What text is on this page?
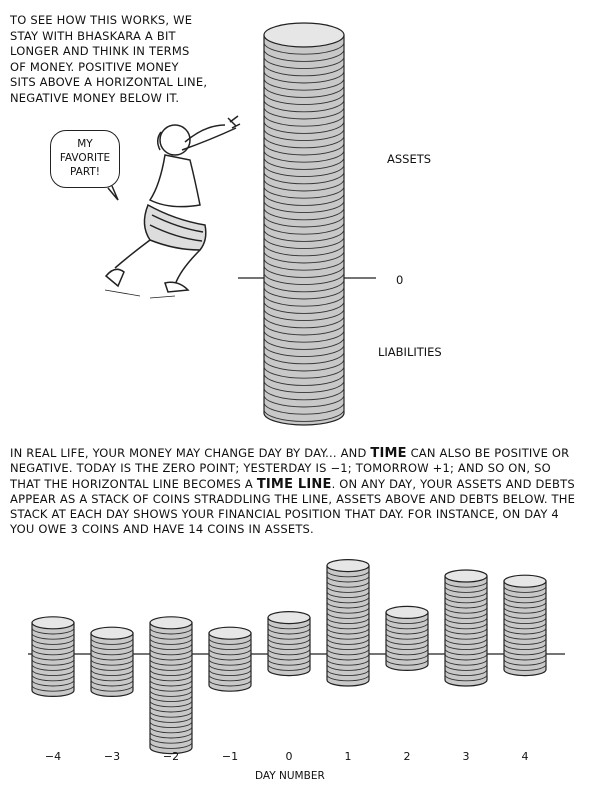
TO SEE HOW THIS WORKS, WE
STAY WITH BHASKARA A BIT
LONGER AND THINK IN TERMS
OF MONEY. POSITIVE MONEY
SITS ABOVE A HORIZONTAL LINE,
NEGATIVE MONEY BELOW IT.
MY
FAVORITE
PART!
ASSETS
0
LIABILITIES
IN REAL LIFE, YOUR MONEY MAY CHANGE DAY BY DAY... AND TIME CAN ALSO BE POSITIVE OR
NEGATIVE. TODAY IS THE ZERO POINT; YESTERDAY IS −1; TOMORROW +1; AND SO ON, SO
THAT THE HORIZONTAL LINE BECOMES A TIME LINE. ON ANY DAY, YOUR ASSETS AND DEBTS
APPEAR AS A STACK OF COINS STRADDLING THE LINE, ASSETS ABOVE AND DEBTS BELOW. THE
STACK AT EACH DAY SHOWS YOUR FINANCIAL POSITION THAT DAY. FOR INSTANCE, ON DAY 4
YOU OWE 3 COINS AND HAVE 14 COINS IN ASSETS.
−4	−3	−2	−1	0	1	2	3	4
DAY NUMBER
